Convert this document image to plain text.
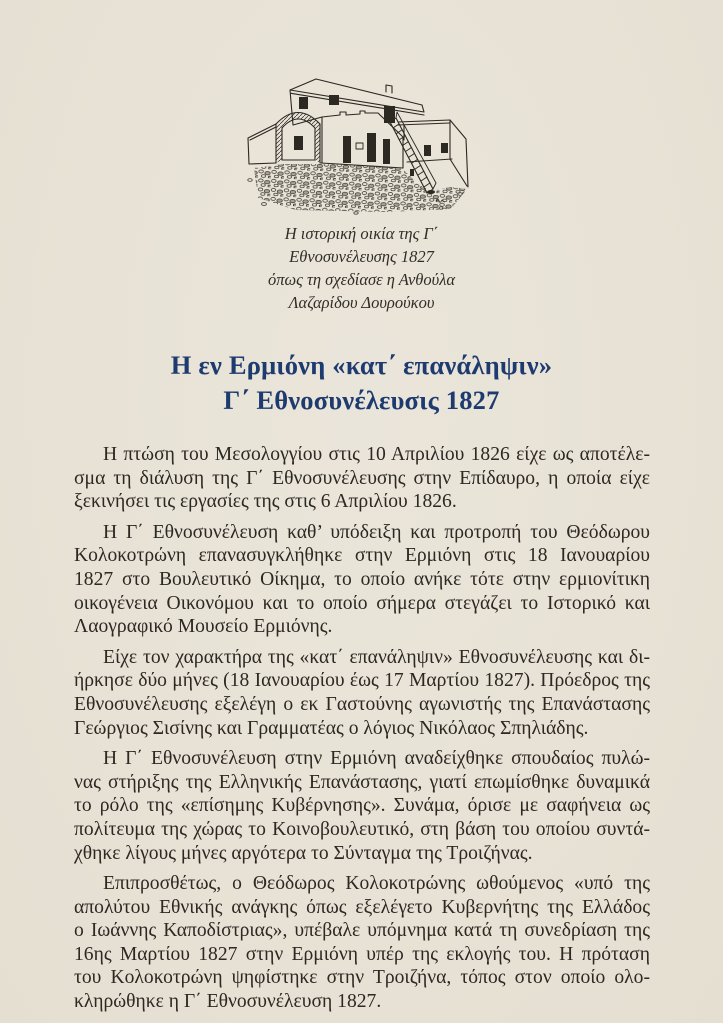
Η ιστορική οικία της Γ΄ Εθνοσυνέλευσης 1827
όπως τη σχεδίασε η Ανθούλα Λαζαρίδου Δουρούκου
Η εν Ερμιόνη «κατ΄ επανάληψιν»
Γ΄ Εθνοσυνέλευσις 1827

Η πτώση του Μεσολογγίου στις 10 Απριλίου 1826 είχε ως αποτέλε-
σμα τη διάλυση της Γ΄ Εθνοσυνέλευσης στην Επίδαυρο, η οποία είχε
ξεκινήσει τις εργασίες της στις 6 Απριλίου 1826.

Η Γ΄ Εθνοσυνέλευση καθ’ υπόδειξη και προτροπή του Θεόδωρου
Κολοκοτρώνη επανασυγκλήθηκε στην Ερμιόνη στις 18 Ιανουαρίου
1827 στο Βουλευτικό Οίκημα, το οποίο ανήκε τότε στην ερμιονίτικη
οικογένεια Οικονόμου και το οποίο σήμερα στεγάζει το Ιστορικό και
Λαογραφικό Μουσείο Ερμιόνης.

Είχε τον χαρακτήρα της «κατ΄ επανάληψιν» Εθνοσυνέλευσης και δι-
ήρκησε δύο μήνες (18 Ιανουαρίου έως 17 Μαρτίου 1827). Πρόεδρος της
Εθνοσυνέλευσης εξελέγη ο εκ Γαστούνης αγωνιστής της Επανάστασης
Γεώργιος Σισίνης και Γραμματέας ο λόγιος Νικόλαος Σπηλιάδης.

Η Γ΄ Εθνοσυνέλευση στην Ερμιόνη αναδείχθηκε σπουδαίος πυλώ-
νας στήριξης της Ελληνικής Επανάστασης, γιατί επωμίσθηκε δυναμικά
το ρόλο της «επίσημης Κυβέρνησης». Συνάμα, όρισε με σαφήνεια ως
πολίτευμα της χώρας το Κοινοβουλευτικό, στη βάση του οποίου συντά-
χθηκε λίγους μήνες αργότερα το Σύνταγμα της Τροιζήνας.

Επιπροσθέτως, ο Θεόδωρος Κολοκοτρώνης ωθούμενος «υπό της
απολύτου Εθνικής ανάγκης όπως εξελέγετο Κυβερνήτης της Ελλάδος
ο Ιωάννης Καποδίστριας», υπέβαλε υπόμνημα κατά τη συνεδρίαση της
16ης Μαρτίου 1827 στην Ερμιόνη υπέρ της εκλογής του. Η πρόταση
του Κολοκοτρώνη ψηφίστηκε στην Τροιζήνα, τόπος στον οποίο ολο-
κληρώθηκε η Γ΄ Εθνοσυνέλευση 1827.
